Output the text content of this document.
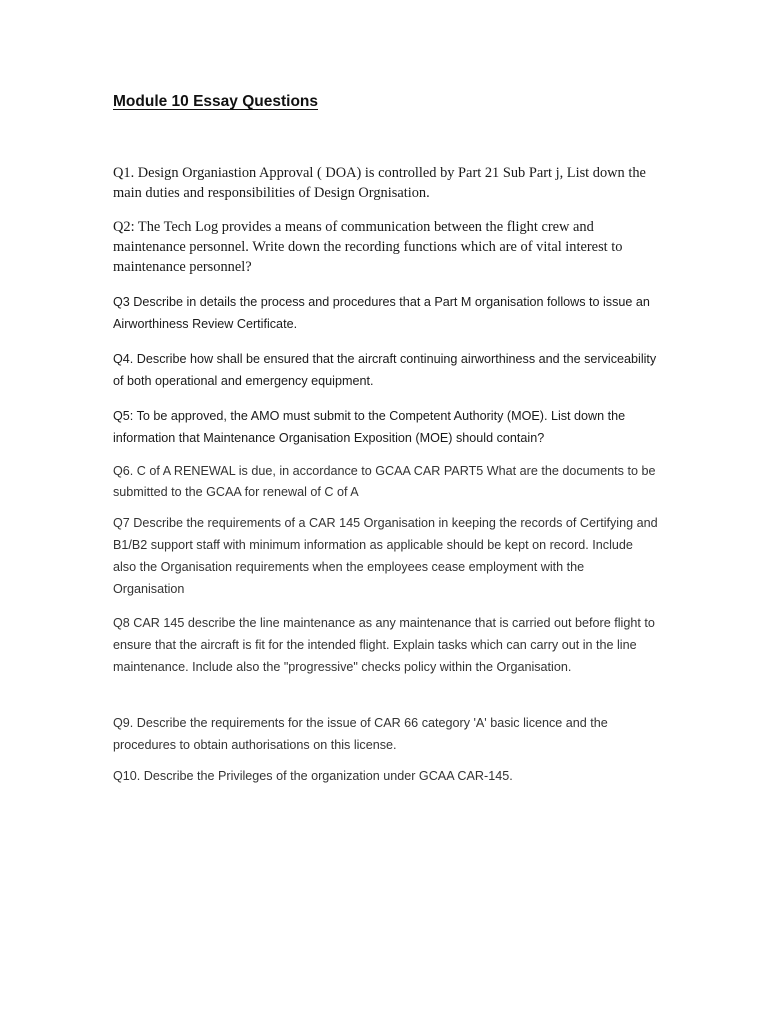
Module 10 Essay Questions

Q1. Design Organiastion Approval ( DOA) is controlled by Part 21 Sub Part j, List down the main duties and responsibilities of Design Orgnisation.

Q2: The Tech Log provides a means of communication between the flight crew and maintenance personnel. Write down the recording functions which are of vital interest to maintenance personnel?

Q3 Describe in details the process and procedures that a Part M organisation follows to issue an Airworthiness Review Certificate.

Q4. Describe how shall be ensured that the aircraft continuing airworthiness and the serviceability of both operational and emergency equipment.

Q5: To be approved, the AMO must submit to the Competent Authority (MOE). List down the information that Maintenance Organisation Exposition (MOE) should contain?

Q6. C of A RENEWAL is due, in accordance to GCAA CAR PART5 What are the documents to be submitted to the GCAA for renewal of C of A

Q7 Describe the requirements of a CAR 145 Organisation in keeping the records of Certifying and B1/B2 support staff with minimum information as applicable should be kept on record. Include also the Organisation requirements when the employees cease employment with the Organisation

Q8 CAR 145 describe the line maintenance as any maintenance that is carried out before flight to ensure that the aircraft is fit for the intended flight. Explain tasks which can carry out in the line maintenance. Include also the "progressive" checks policy within the Organisation.

Q9. Describe the requirements for the issue of CAR 66 category 'A' basic licence and the procedures to obtain authorisations on this license.

Q10. Describe the Privileges of the organization under GCAA CAR-145.
